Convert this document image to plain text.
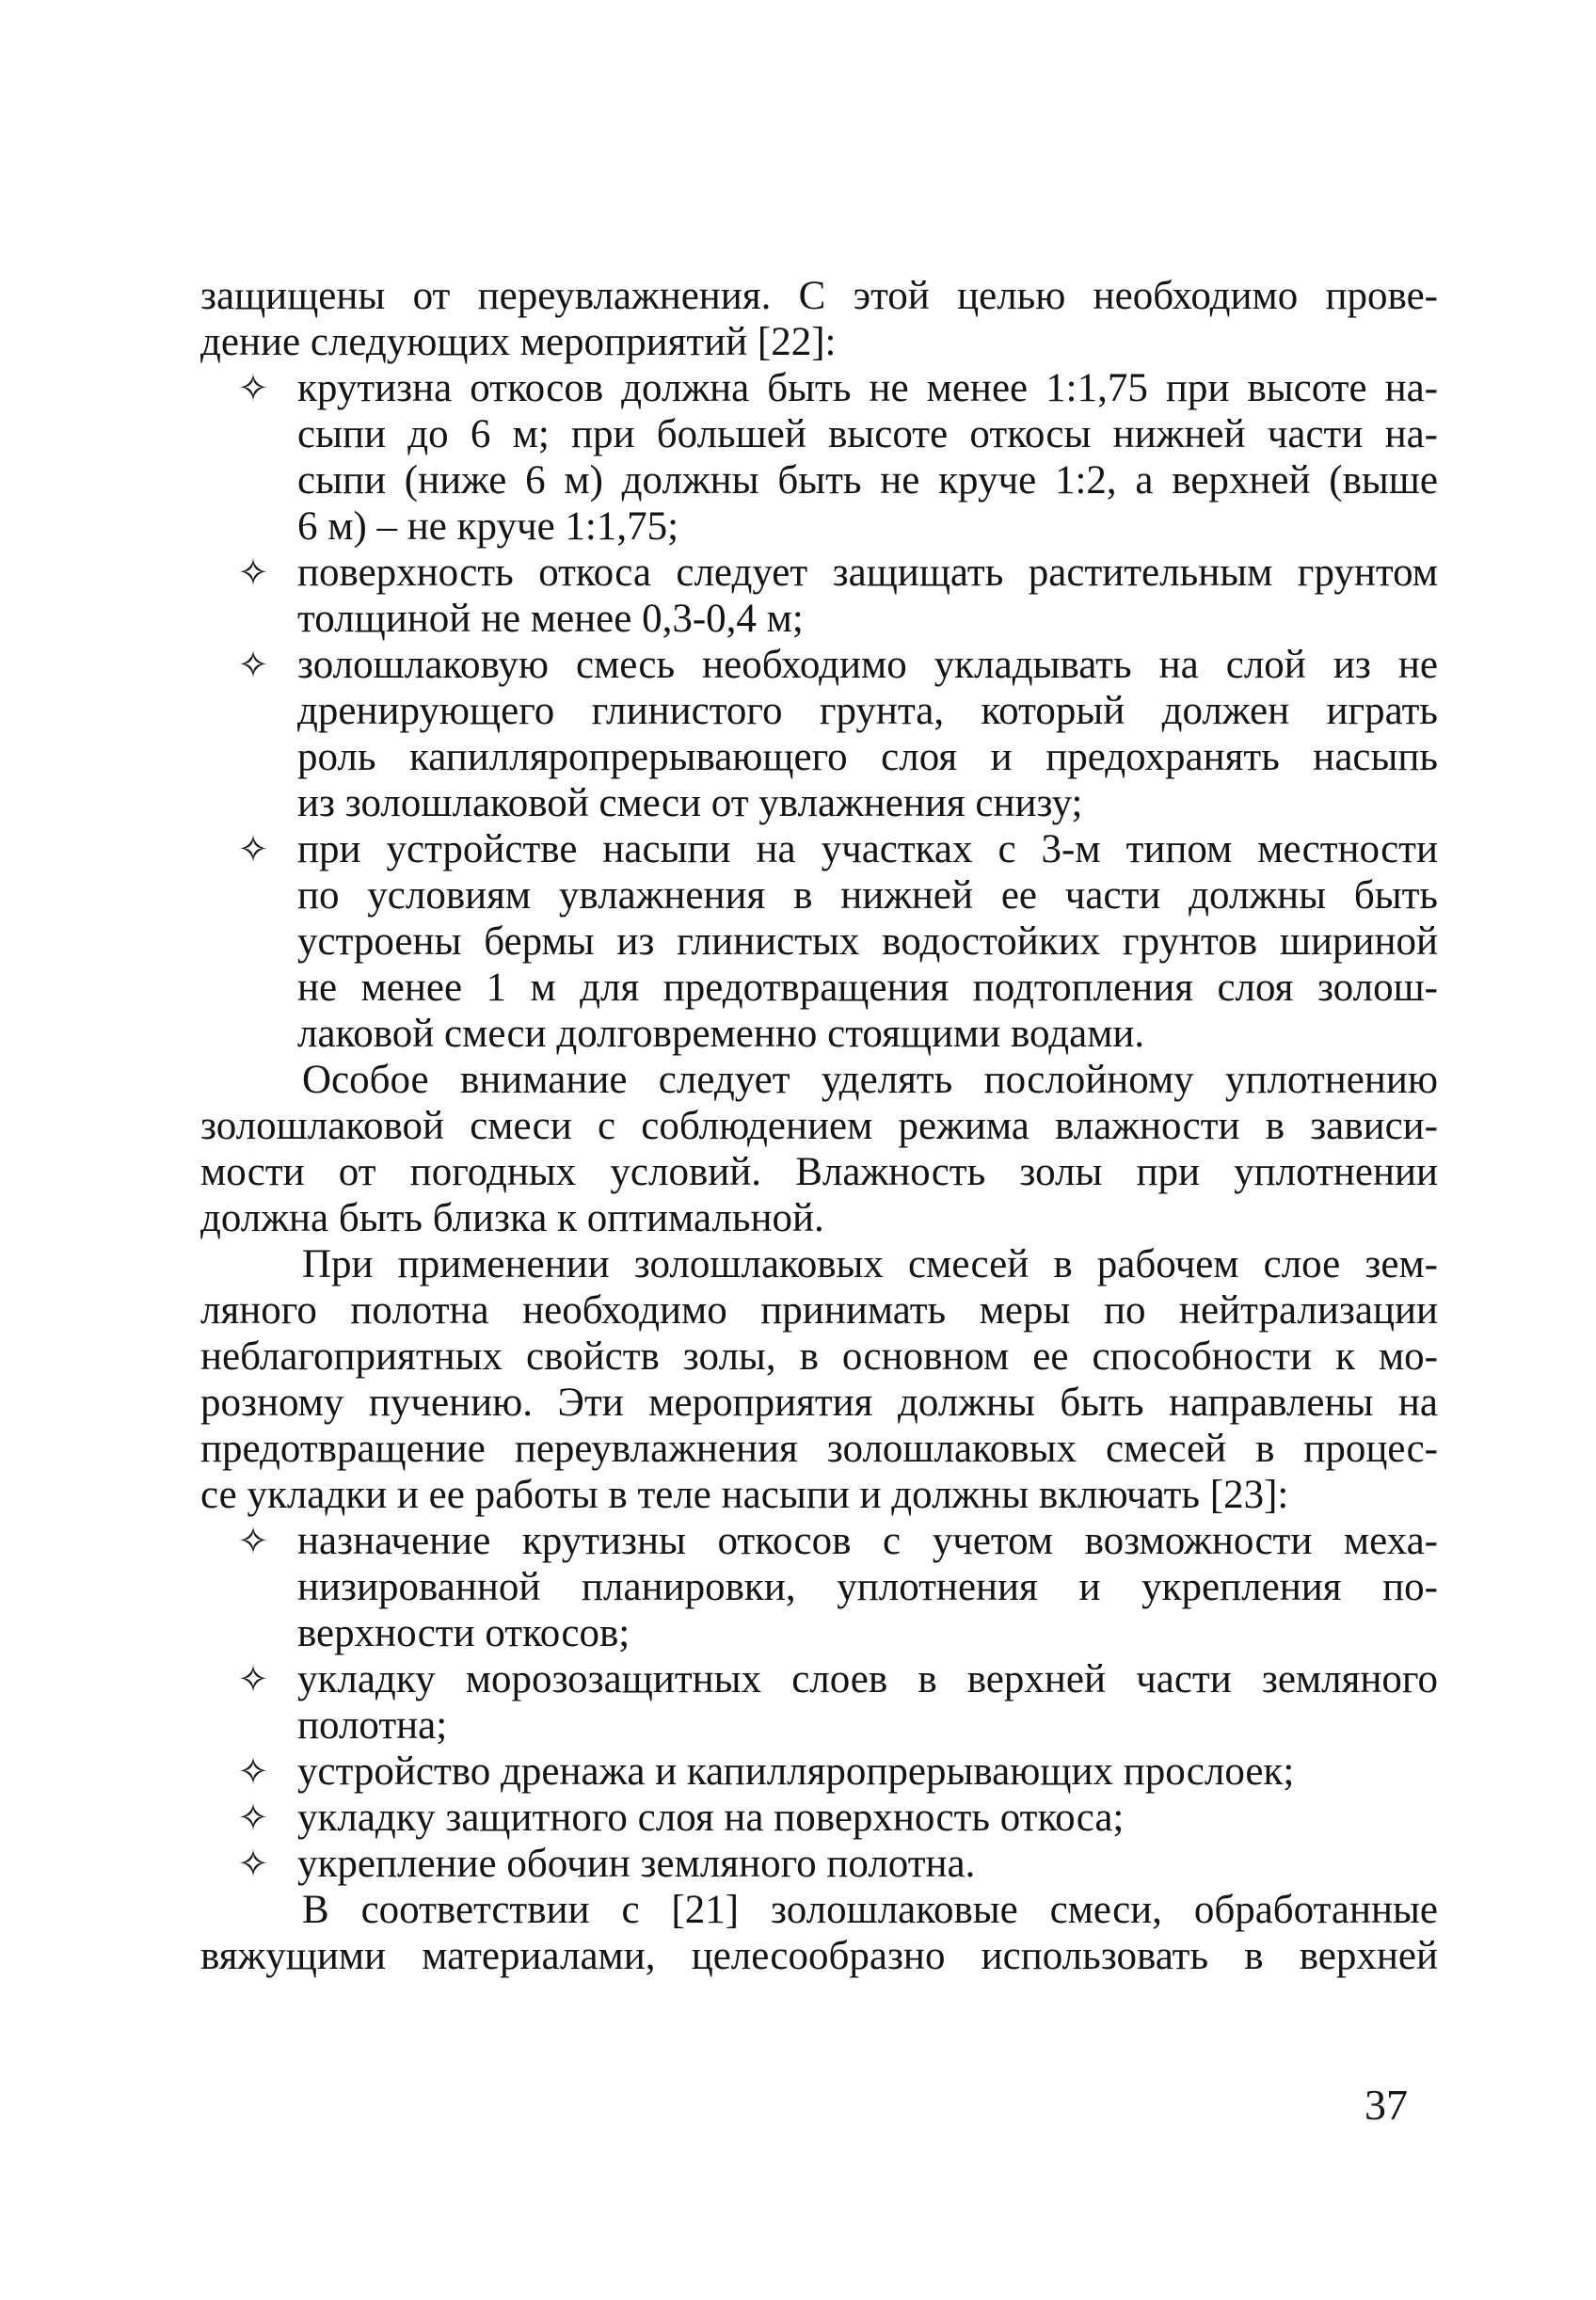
защищены от переувлажнения. С этой целью необходимо прове-
дение следующих мероприятий [22]:
✧ крутизна откосов должна быть не менее 1:1,75 при высоте на-
сыпи до 6 м; при большей высоте откосы нижней части на-
сыпи (ниже 6 м) должны быть не круче 1:2, а верхней (выше
6 м) – не круче 1:1,75;
✧ поверхность откоса следует защищать растительным грунтом
толщиной не менее 0,3-0,4 м;
✧ золошлаковую смесь необходимо укладывать на слой из не
дренирующего глинистого грунта, который должен играть
роль капилляропрерывающего слоя и предохранять насыпь
из золошлаковой смеси от увлажнения снизу;
✧ при устройстве насыпи на участках с 3-м типом местности
по условиям увлажнения в нижней ее части должны быть
устроены бермы из глинистых водостойких грунтов шириной
не менее 1 м для предотвращения подтопления слоя золош-
лаковой смеси долговременно стоящими водами.
Особое внимание следует уделять послойному уплотнению
золошлаковой смеси с соблюдением режима влажности в зависи-
мости от погодных условий. Влажность золы при уплотнении
должна быть близка к оптимальной.
При применении золошлаковых смесей в рабочем слое зем-
ляного полотна необходимо принимать меры по нейтрализации
неблагоприятных свойств золы, в основном ее способности к мо-
розному пучению. Эти мероприятия должны быть направлены на
предотвращение переувлажнения золошлаковых смесей в процес-
се укладки и ее работы в теле насыпи и должны включать [23]:
✧ назначение крутизны откосов с учетом возможности меха-
низированной планировки, уплотнения и укрепления по-
верхности откосов;
✧ укладку морозозащитных слоев в верхней части земляного
полотна;
✧ устройство дренажа и капилляропрерывающих прослоек;
✧ укладку защитного слоя на поверхность откоса;
✧ укрепление обочин земляного полотна.
В соответствии с [21] золошлаковые смеси, обработанные
вяжущими материалами, целесообразно использовать в верхней
37
